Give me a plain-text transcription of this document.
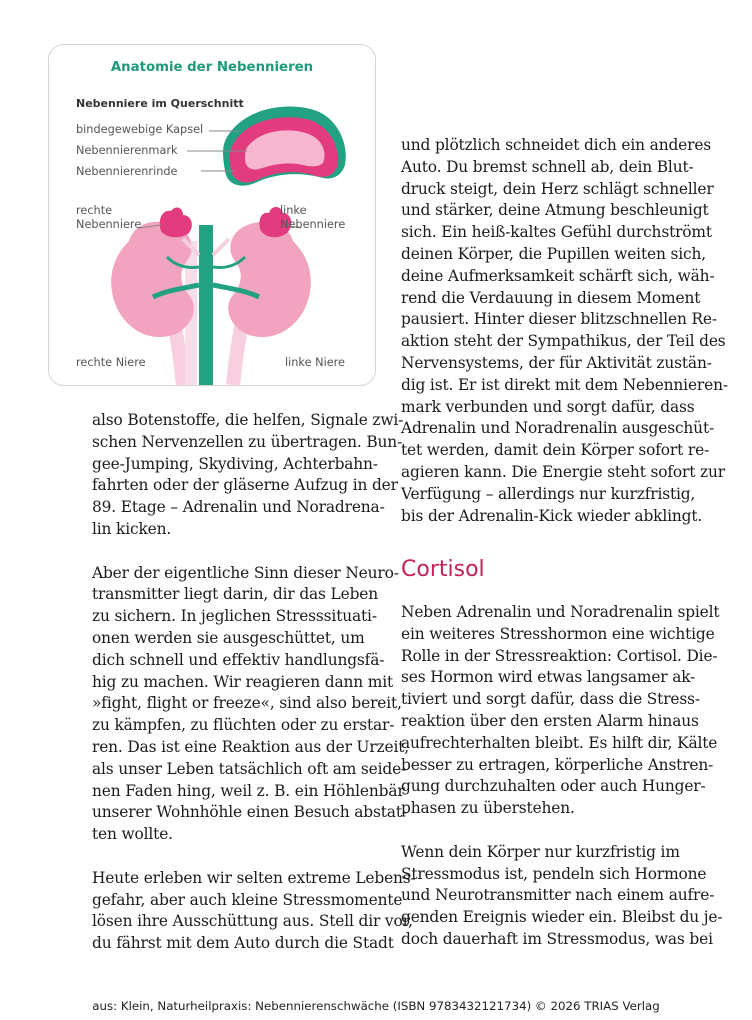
Anatomie der Nebennieren
Nebenniere im Querschnitt
bindegewebige Kapsel
Nebennierenmark
Nebennierenrinde
rechte
Nebenniere
linke
Nebenniere
rechte Niere	linke Niere
also Botenstoffe, die helfen, Signale zwi-
schen Nervenzellen zu übertragen. Bun-
gee-Jumping, Skydiving, Achterbahn-
fahrten oder der gläserne Aufzug in der
89. Etage – Adrenalin und Noradrena-
lin kicken.
Aber der eigentliche Sinn dieser Neuro-
transmitter liegt darin, dir das Leben
zu sichern. In jeglichen Stresssituati-
onen werden sie ausgeschüttet, um
dich schnell und effektiv handlungsfä-
hig zu machen. Wir reagieren dann mit
»fight, flight or freeze«, sind also bereit,
zu kämpfen, zu flüchten oder zu erstar-
ren. Das ist eine Reaktion aus der Urzeit,
als unser Leben tatsächlich oft am seide-
nen Faden hing, weil z. B. ein Höhlenbär
unserer Wohnhöhle einen Besuch abstat-
ten wollte.
Heute erleben wir selten extreme Lebens-
gefahr, aber auch kleine Stressmomente
lösen ihre Ausschüttung aus. Stell dir vor,
du fährst mit dem Auto durch die Stadt
und plötzlich schneidet dich ein anderes
Auto. Du bremst schnell ab, dein Blut-
druck steigt, dein Herz schlägt schneller
und stärker, deine Atmung beschleunigt
sich. Ein heiß-kaltes Gefühl durchströmt
deinen Körper, die Pupillen weiten sich,
deine Aufmerksamkeit schärft sich, wäh-
rend die Verdauung in diesem Moment
pausiert. Hinter dieser blitzschnellen Re-
aktion steht der Sympathikus, der Teil des
Nervensystems, der für Aktivität zustän-
dig ist. Er ist direkt mit dem Nebennieren-
mark verbunden und sorgt dafür, dass
Adrenalin und Noradrenalin ausgeschüt-
tet werden, damit dein Körper sofort re-
agieren kann. Die Energie steht sofort zur
Verfügung – allerdings nur kurzfristig,
bis der Adrenalin-Kick wieder abklingt.
Cortisol
Neben Adrenalin und Noradrenalin spielt
ein weiteres Stresshormon eine wichtige
Rolle in der Stressreaktion: Cortisol. Die-
ses Hormon wird etwas langsamer ak-
tiviert und sorgt dafür, dass die Stress-
reaktion über den ersten Alarm hinaus
aufrechterhalten bleibt. Es hilft dir, Kälte
besser zu ertragen, körperliche Anstren-
gung durchzuhalten oder auch Hunger-
phasen zu überstehen.
Wenn dein Körper nur kurzfristig im
Stressmodus ist, pendeln sich Hormone
und Neurotransmitter nach einem aufre-
genden Ereignis wieder ein. Bleibst du je-
doch dauerhaft im Stressmodus, was bei
aus: Klein, Naturheilpraxis: Nebennierenschwäche (ISBN 9783432121734) © 2026 TRIAS Verlag
